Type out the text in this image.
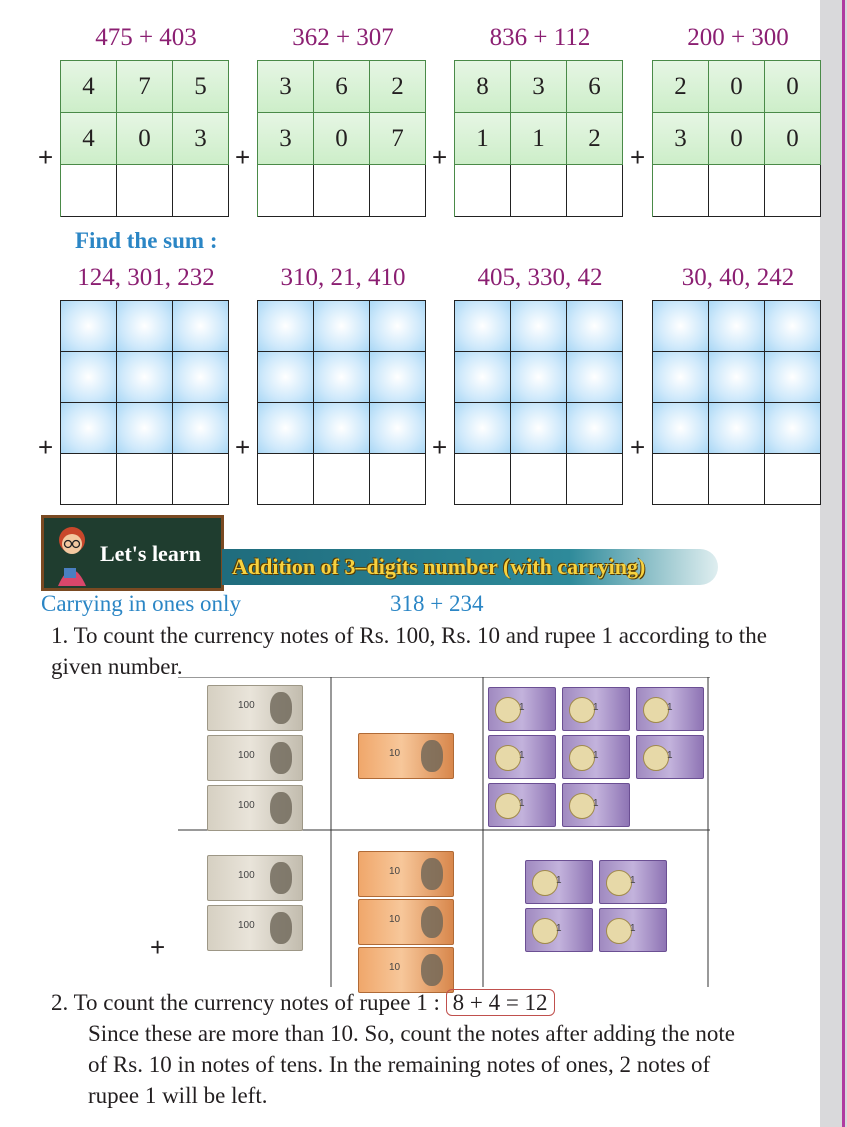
475 + 403
4	7	5
4	0	3
+
362 + 307
3	6	2
3	0	7
+
836 + 112
8	3	6
1	1	2
+
200 + 300
2	0	0
3	0	0
+
Find the sum :
124, 301, 232
+
310, 21, 410
+
405, 330, 42
+
30, 40, 242
+
Let's learn
Addition of 3–digits number (with carrying)
Carrying in ones only	318 + 234
1. To count the currency notes of Rs. 100, Rs. 10 and rupee 1 according to the given number.
100
100
100
10
1	1	1
1	1	1
1	1
100
100
10
10
10
1	1
1	1
+
2. To count the currency notes of rupee 1 : 8 + 4 = 12
Since these are more than 10. So, count the notes after adding the note
of Rs. 10 in notes of tens. In the remaining notes of ones, 2 notes of
rupee 1 will be left.
